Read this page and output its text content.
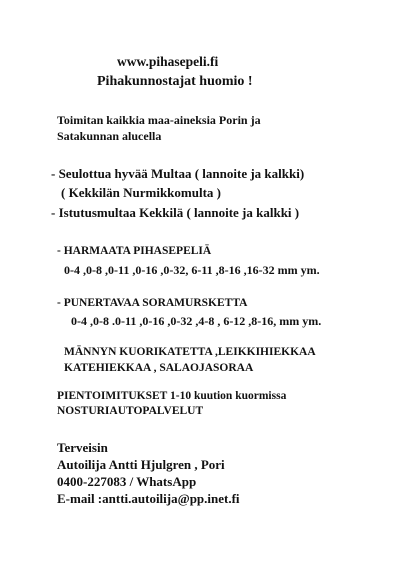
www.pihasepeli.fi
Pihakunnostajat huomio !
Toimitan kaikkia maa-aineksia Porin ja
Satakunnan alucella
- Seulottua hyvää Multaa ( lannoite ja kalkki)
( Kekkilän Nurmikkomulta )
- Istutusmultaa Kekkilä ( lannoite ja kalkki )
- HARMAATA PIHASEPELIÄ
0-4 ,0-8 ,0-11 ,0-16 ,0-32, 6-11 ,8-16 ,16-32 mm ym.
- PUNERTAVAA SORAMURSKETTA
0-4 ,0-8 .0-11 ,0-16 ,0-32 ,4-8 , 6-12 ,8-16, mm ym.
MÄNNYN KUORIKATETTA ,LEIKKIHIEKKAA
KATEHIEKKAA , SALAOJASORAA
PIENTOIMITUKSET 1-10 kuution kuormissa
NOSTURIAUTOPALVELUT
Terveisin
Autoilija Antti Hjulgren , Pori
0400-227083 / WhatsApp
E-mail :antti.autoilija@pp.inet.fi
